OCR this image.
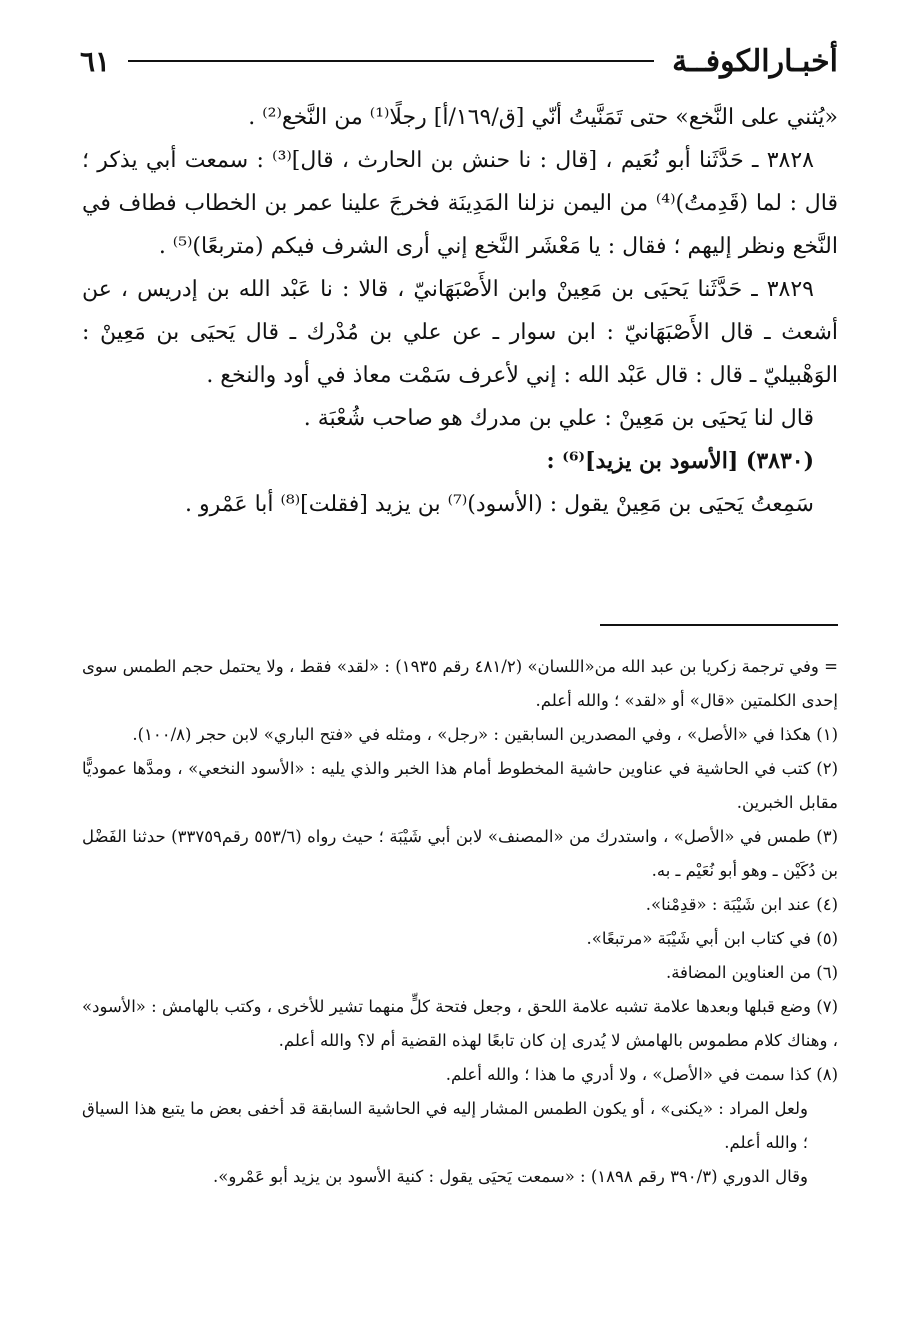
أخبـارالكوفــة
٦١

«يُثني على النَّخع» حتى تَمَنَّيتُ أنّي [ق/١٦٩/أ] رجلًا⁽¹⁾ من النَّخع⁽²⁾ .

٣٨٢٨ ـ حَدَّثَنا أبو نُعَيم ، [قال : نا حنش بن الحارث ، قال]⁽³⁾ : سمعت أبي يذكر ؛ قال : لما (قَدِمتُ)⁽⁴⁾ من اليمن نزلنا المَدِينَة فخرجَ علينا عمر بن الخطاب فطاف في النَّخع ونظر إليهم ؛ فقال : يا مَعْشَر النَّخع إني أرى الشرف فيكم (متربعًا)⁽⁵⁾ .

٣٨٢٩ ـ حَدَّثَنا يَحيَى بن مَعِينْ وابن الأَصْبَهَانيّ ، قالا : نا عَبْد الله بن إدريس ، عن أشعث ـ قال الأَصْبَهَانيّ : ابن سوار ـ عن علي بن مُدْرك ـ قال يَحيَى بن مَعِينْ : الوَهْبيليّ ـ قال : قال عَبْد الله : إني لأعرف سَمْت معاذ في أود والنخع .

قال لنا يَحيَى بن مَعِينْ : علي بن مدرك هو صاحب شُعْبَة .

(٣٨٣٠) [الأسود بن يزيد]⁽⁶⁾ :

سَمِعتُ يَحيَى بن مَعِينْ يقول : (الأسود)⁽⁷⁾ بن يزيد [فقلت]⁽⁸⁾ أبا عَمْرو .

= وفي ترجمة زكريا بن عبد الله من«اللسان» (٤٨١/٢ رقم ١٩٣٥) : «لقد» فقط ، ولا يحتمل حجم الطمس سوى إحدى الكلمتين «قال» أو «لقد» ؛ والله أعلم.

(١) هكذا في «الأصل» ، وفي المصدرين السابقين : «رجل» ، ومثله في «فتح الباري» لابن حجر (١٠٠/٨).

(٢) كتب في الحاشية في عناوين حاشية المخطوط أمام هذا الخبر والذي يليه : «الأسود النخعي» ، ومدَّها عموديًّا مقابل الخبرين.

(٣) طمس في «الأصل» ، واستدرك من «المصنف» لابن أبي شَيْبَة ؛ حيث رواه (٥٥٣/٦ رقم٣٣٧٥٩) حدثنا الفَضْل بن دُكَيْن ـ وهو أبو نُعَيْم ـ به.

(٤) عند ابن شَيْبَة : «قدِمْنا».

(٥) في كتاب ابن أبي شَيْبَة «مرتبعًا».

(٦) من العناوين المضافة.

(٧) وضع قبلها وبعدها علامة تشبه علامة اللحق ، وجعل فتحة كلٍّ منهما تشير للأخرى ، وكتب بالهامش : «الأسود» ، وهناك كلام مطموس بالهامش لا يُدرى إن كان تابعًا لهذه القضية أم لا؟ والله أعلم.

(٨) كذا سمت في «الأصل» ، ولا أدري ما هذا ؛ والله أعلم.

ولعل المراد : «يكنى» ، أو يكون الطمس المشار إليه في الحاشية السابقة قد أخفى بعض ما يتبع هذا السياق ؛ والله أعلم.

وقال الدوري (٣٩٠/٣ رقم ١٨٩٨) : «سمعت يَحيَى يقول : كنية الأسود بن يزيد أبو عَمْرو».
